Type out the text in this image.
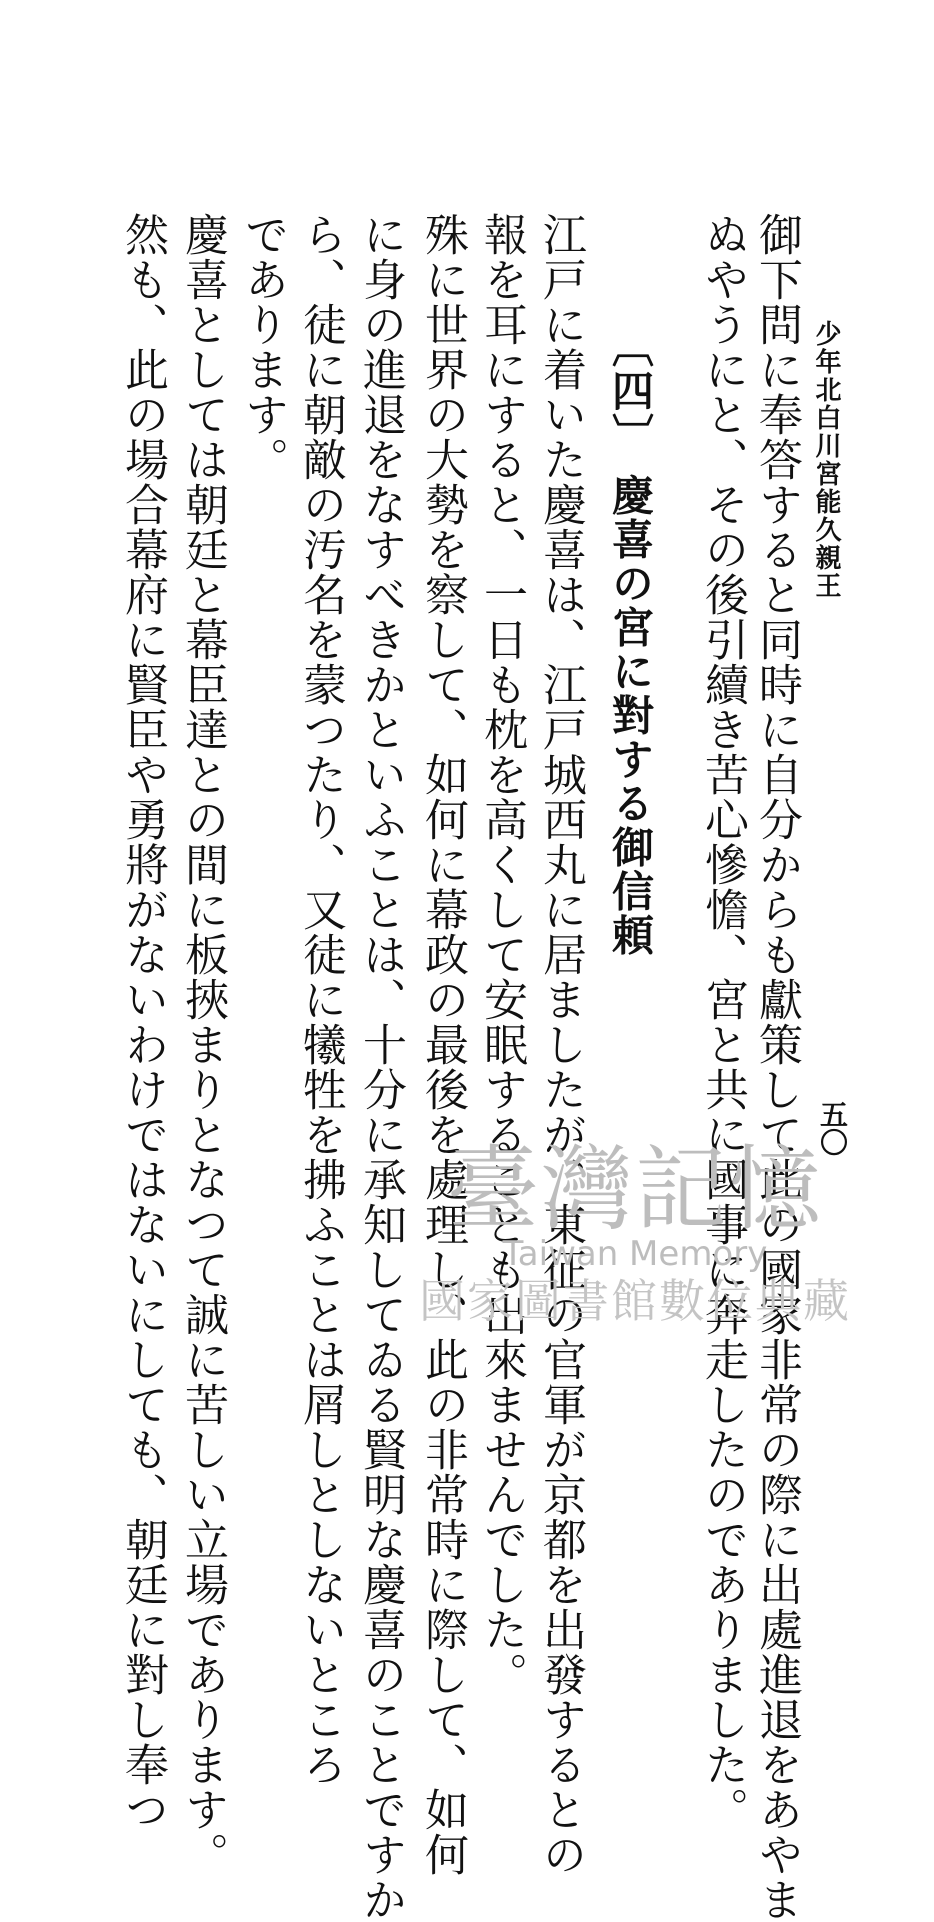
少年北白川宮能久親王
五〇
御下問に奉答すると同時に自分からも獻策して此の國家非常の際に出處進退をあやま
ぬやうにと、その後引續き苦心慘憺、宮と共に國事に奔走したのでありました。
〔四〕 慶喜の宮に對する御信頼
江戸に着いた慶喜は、江戸城西丸に居ましたが、東征の官軍が京都を出發するとの
報を耳にすると、一日も枕を高くして安眠することも出來ませんでした。
殊に世界の大勢を察して、如何に幕政の最後を處理し、此の非常時に際して、如何
に身の進退をなすべきかといふことは、十分に承知してゐる賢明な慶喜のことですか
ら、徒に朝敵の汚名を蒙つたり、又徒に犧牲を拂ふことは屑しとしないところ
であります。
慶喜としては朝廷と幕臣達との間に板挾まりとなつて誠に苦しい立場であります。
然も、此の場合幕府に賢臣や勇將がないわけではないにしても、朝廷に對し奉つ	臺灣記憶
Taiwan Memory
國家圖書館數位典藏
